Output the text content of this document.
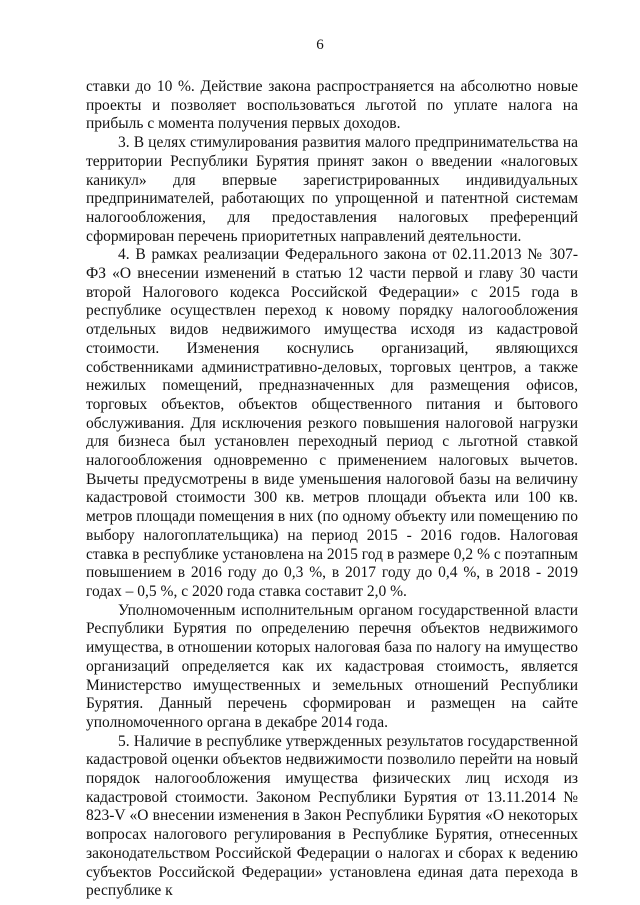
6

ставки до 10 %. Действие закона распространяется на абсолютно новые проекты и позволяет воспользоваться льготой по уплате налога на прибыль с момента получения первых доходов.

3. В целях стимулирования развития малого предпринимательства на территории Республики Бурятия принят закон о введении «налоговых каникул» для впервые зарегистрированных индивидуальных предпринимателей, работающих по упрощенной и патентной системам налогообложения, для предоставления налоговых преференций сформирован перечень приоритетных направлений деятельности.

4. В рамках реализации Федерального закона от 02.11.2013 № 307-ФЗ «О внесении изменений в статью 12 части первой и главу 30 части второй Налогового кодекса Российской Федерации» с 2015 года в республике осуществлен переход к новому порядку налогообложения отдельных видов недвижимого имущества исходя из кадастровой стоимости. Изменения коснулись организаций, являющихся собственниками административно-деловых, торговых центров, а также нежилых помещений, предназначенных для размещения офисов, торговых объектов, объектов общественного питания и бытового обслуживания. Для исключения резкого повышения налоговой нагрузки для бизнеса был установлен переходный период с льготной ставкой налогообложения одновременно с применением налоговых вычетов. Вычеты предусмотрены в виде уменьшения налоговой базы на величину кадастровой стоимости 300 кв. метров площади объекта или 100 кв. метров площади помещения в них (по одному объекту или помещению по выбору налогоплательщика) на период 2015 - 2016 годов. Налоговая ставка в республике установлена на 2015 год в размере 0,2 % с поэтапным повышением в 2016 году до 0,3 %, в 2017 году до 0,4 %, в 2018 - 2019 годах – 0,5 %, с 2020 года ставка составит 2,0 %.

Уполномоченным исполнительным органом государственной власти Республики Бурятия по определению перечня объектов недвижимого имущества, в отношении которых налоговая база по налогу на имущество организаций определяется как их кадастровая стоимость, является Министерство имущественных и земельных отношений Республики Бурятия. Данный перечень сформирован и размещен на сайте уполномоченного органа в декабре 2014 года.

5. Наличие в республике утвержденных результатов государственной кадастровой оценки объектов недвижимости позволило перейти на новый порядок налогообложения имущества физических лиц исходя из кадастровой стоимости. Законом Республики Бурятия от 13.11.2014 № 823-V «О внесении изменения в Закон Республики Бурятия «О некоторых вопросах налогового регулирования в Республике Бурятия, отнесенных законодательством Российской Федерации о налогах и сборах к ведению субъектов Российской Федерации» установлена единая дата перехода в республике к
